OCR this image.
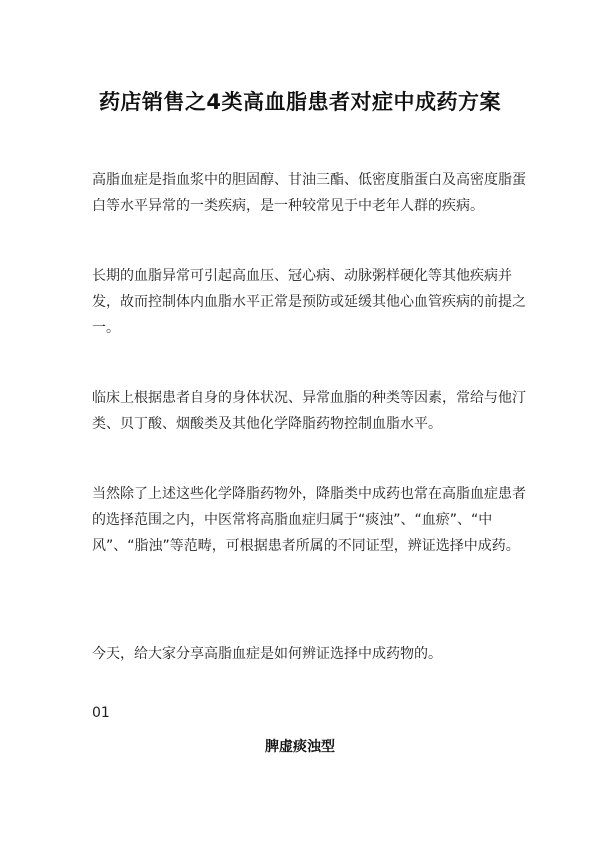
药店销售之4类高血脂患者对症中成药方案

高脂血症是指血浆中的胆固醇、甘油三酯、低密度脂蛋白及高密度脂蛋白等水平异常的一类疾病，是一种较常见于中老年人群的疾病。

长期的血脂异常可引起高血压、冠心病、动脉粥样硬化等其他疾病并发，故而控制体内血脂水平正常是预防或延缓其他心血管疾病的前提之一。

临床上根据患者自身的身体状况、异常血脂的种类等因素，常给与他汀类、贝丁酸、烟酸类及其他化学降脂药物控制血脂水平。

当然除了上述这些化学降脂药物外，降脂类中成药也常在高脂血症患者的选择范围之内，中医常将高脂血症归属于“痰浊”、“血瘀”、“中风”、“脂浊”等范畴，可根据患者所属的不同证型，辨证选择中成药。

今天，给大家分享高脂血症是如何辨证选择中成药物的。

01
脾虚痰浊型
